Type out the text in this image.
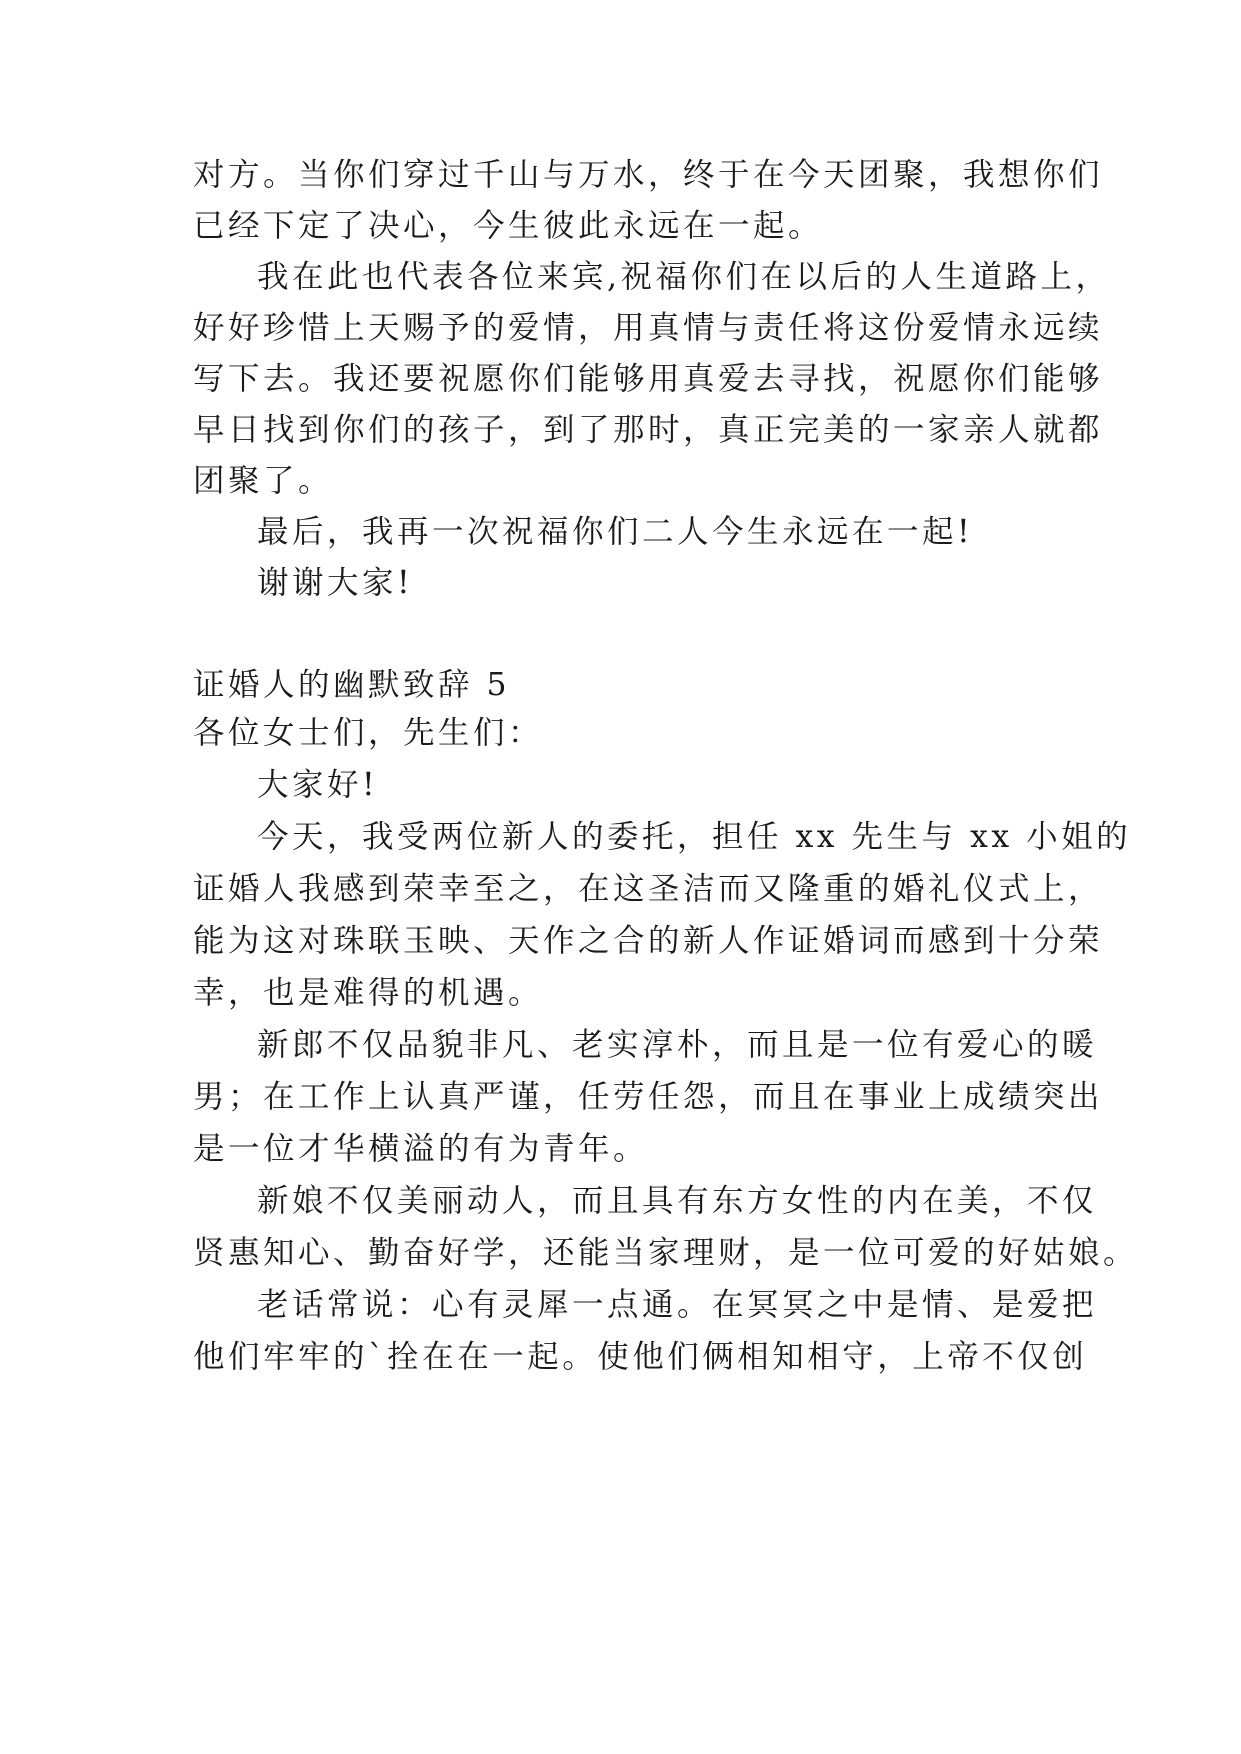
对方。当你们穿过千山与万水，终于在今天团聚，我想你们
已经下定了决心，今生彼此永远在一起。
我在此也代表各位来宾,祝福你们在以后的人生道路上，
好好珍惜上天赐予的爱情，用真情与责任将这份爱情永远续
写下去。我还要祝愿你们能够用真爱去寻找，祝愿你们能够
早日找到你们的孩子，到了那时，真正完美的一家亲人就都
团聚了。
最后，我再一次祝福你们二人今生永远在一起!
谢谢大家!
证婚人的幽默致辞 5
各位女士们，先生们：
大家好!
今天，我受两位新人的委托，担任 xx 先生与 xx 小姐的
证婚人我感到荣幸至之，在这圣洁而又隆重的婚礼仪式上，
能为这对珠联玉映、天作之合的新人作证婚词而感到十分荣
幸，也是难得的机遇。
新郎不仅品貌非凡、老实淳朴，而且是一位有爱心的暖
男；在工作上认真严谨，任劳任怨，而且在事业上成绩突出
是一位才华横溢的有为青年。
新娘不仅美丽动人，而且具有东方女性的内在美，不仅
贤惠知心、勤奋好学，还能当家理财，是一位可爱的好姑娘。
老话常说：心有灵犀一点通。在冥冥之中是情、是爱把
他们牢牢的`拴在在一起。使他们俩相知相守，上帝不仅创
